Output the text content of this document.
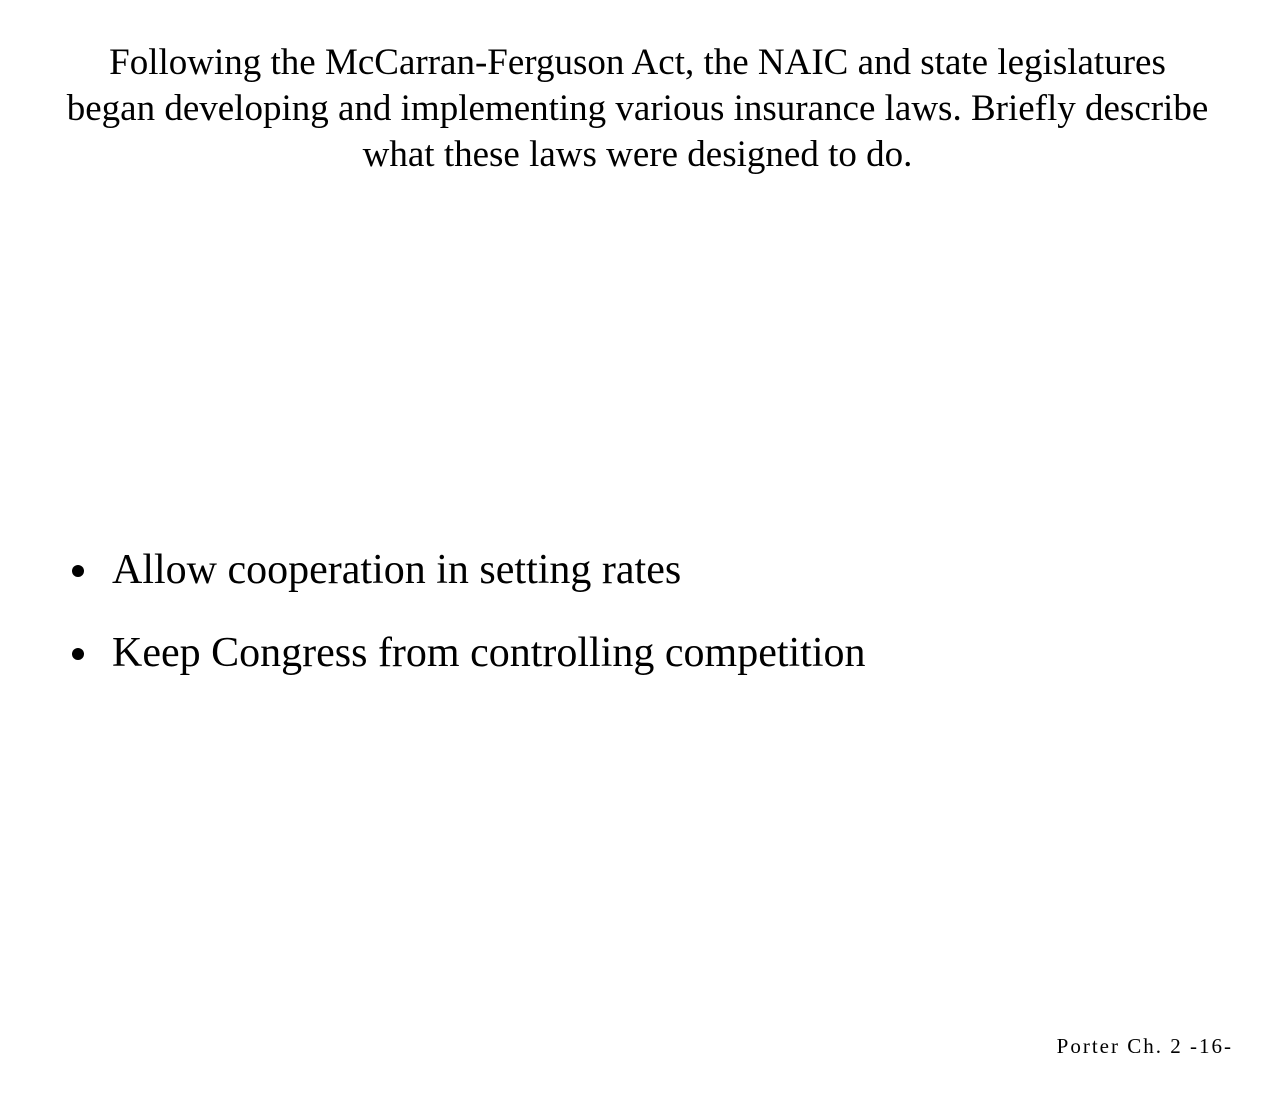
Following the McCarran-Ferguson Act, the NAIC and state legislatures
began developing and implementing various insurance laws. Briefly describe
what these laws were designed to do.
Allow cooperation in setting rates
Keep Congress from controlling competition
Porter Ch. 2 -16-
